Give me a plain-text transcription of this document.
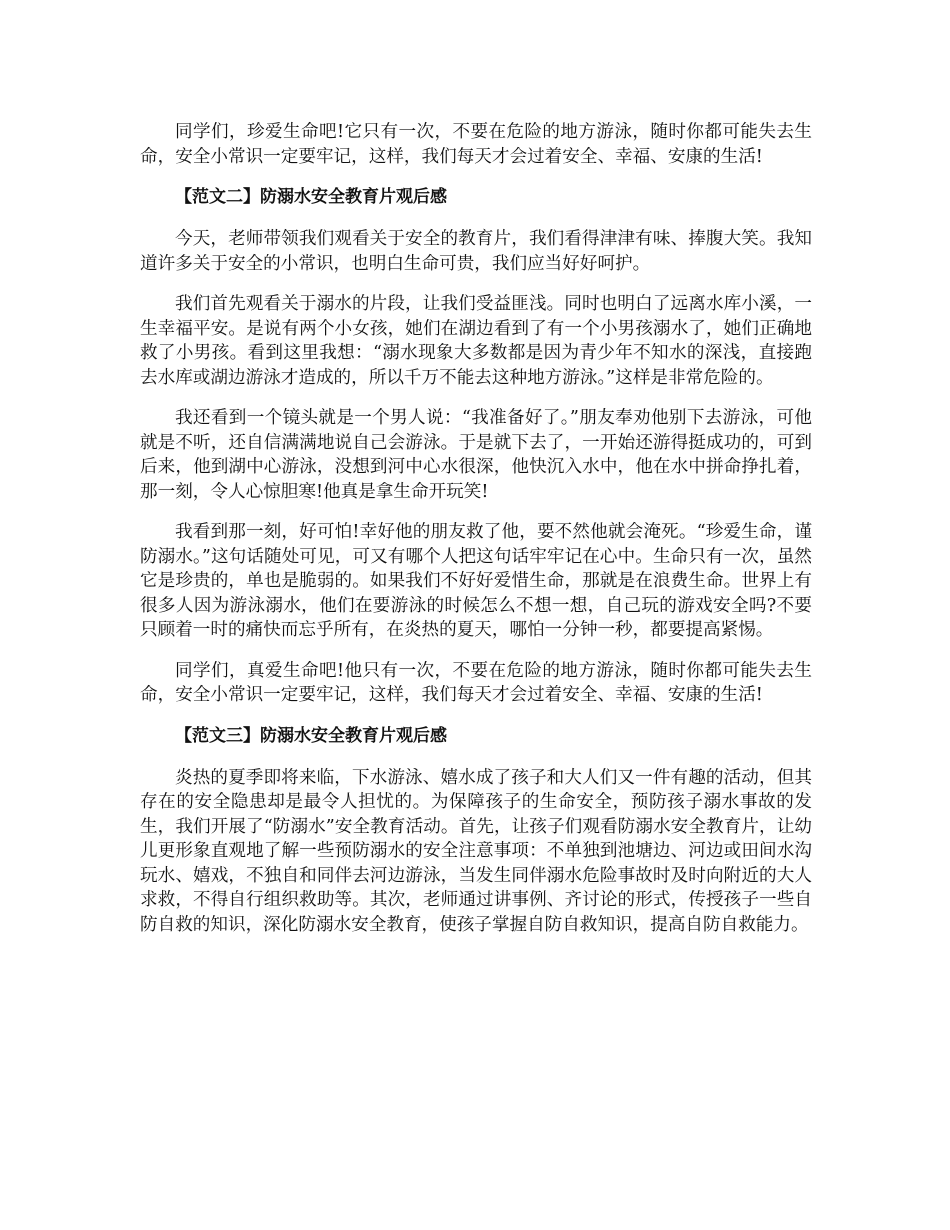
同学们，珍爱生命吧!它只有一次，不要在危险的地方游泳，随时你都可能失去生命，安全小常识一定要牢记，这样，我们每天才会过着安全、幸福、安康的生活!

【范文二】防溺水安全教育片观后感

今天，老师带领我们观看关于安全的教育片，我们看得津津有味、捧腹大笑。我知道许多关于安全的小常识，也明白生命可贵，我们应当好好呵护。

我们首先观看关于溺水的片段，让我们受益匪浅。同时也明白了远离水库小溪，一生幸福平安。是说有两个小女孩，她们在湖边看到了有一个小男孩溺水了，她们正确地救了小男孩。看到这里我想：“溺水现象大多数都是因为青少年不知水的深浅，直接跑去水库或湖边游泳才造成的，所以千万不能去这种地方游泳。”这样是非常危险的。

我还看到一个镜头就是一个男人说：“我准备好了。”朋友奉劝他别下去游泳，可他就是不听，还自信满满地说自己会游泳。于是就下去了，一开始还游得挺成功的，可到后来，他到湖中心游泳，没想到河中心水很深，他快沉入水中，他在水中拼命挣扎着，那一刻，令人心惊胆寒!他真是拿生命开玩笑!

我看到那一刻，好可怕!幸好他的朋友救了他，要不然他就会淹死。“珍爱生命，谨防溺水。”这句话随处可见，可又有哪个人把这句话牢牢记在心中。生命只有一次，虽然它是珍贵的，单也是脆弱的。如果我们不好好爱惜生命，那就是在浪费生命。世界上有很多人因为游泳溺水，他们在要游泳的时候怎么不想一想，自己玩的游戏安全吗?不要只顾着一时的痛快而忘乎所有，在炎热的夏天，哪怕一分钟一秒，都要提高紧惕。

同学们，真爱生命吧!他只有一次，不要在危险的地方游泳，随时你都可能失去生命，安全小常识一定要牢记，这样，我们每天才会过着安全、幸福、安康的生活!

【范文三】防溺水安全教育片观后感

炎热的夏季即将来临，下水游泳、嬉水成了孩子和大人们又一件有趣的活动，但其存在的安全隐患却是最令人担忧的。为保障孩子的生命安全，预防孩子溺水事故的发生，我们开展了“防溺水”安全教育活动。首先，让孩子们观看防溺水安全教育片，让幼儿更形象直观地了解一些预防溺水的安全注意事项：不单独到池塘边、河边或田间水沟玩水、嬉戏，不独自和同伴去河边游泳，当发生同伴溺水危险事故时及时向附近的大人求救，不得自行组织救助等。其次，老师通过讲事例、齐讨论的形式，传授孩子一些自防自救的知识，深化防溺水安全教育，使孩子掌握自防自救知识，提高自防自救能力。
